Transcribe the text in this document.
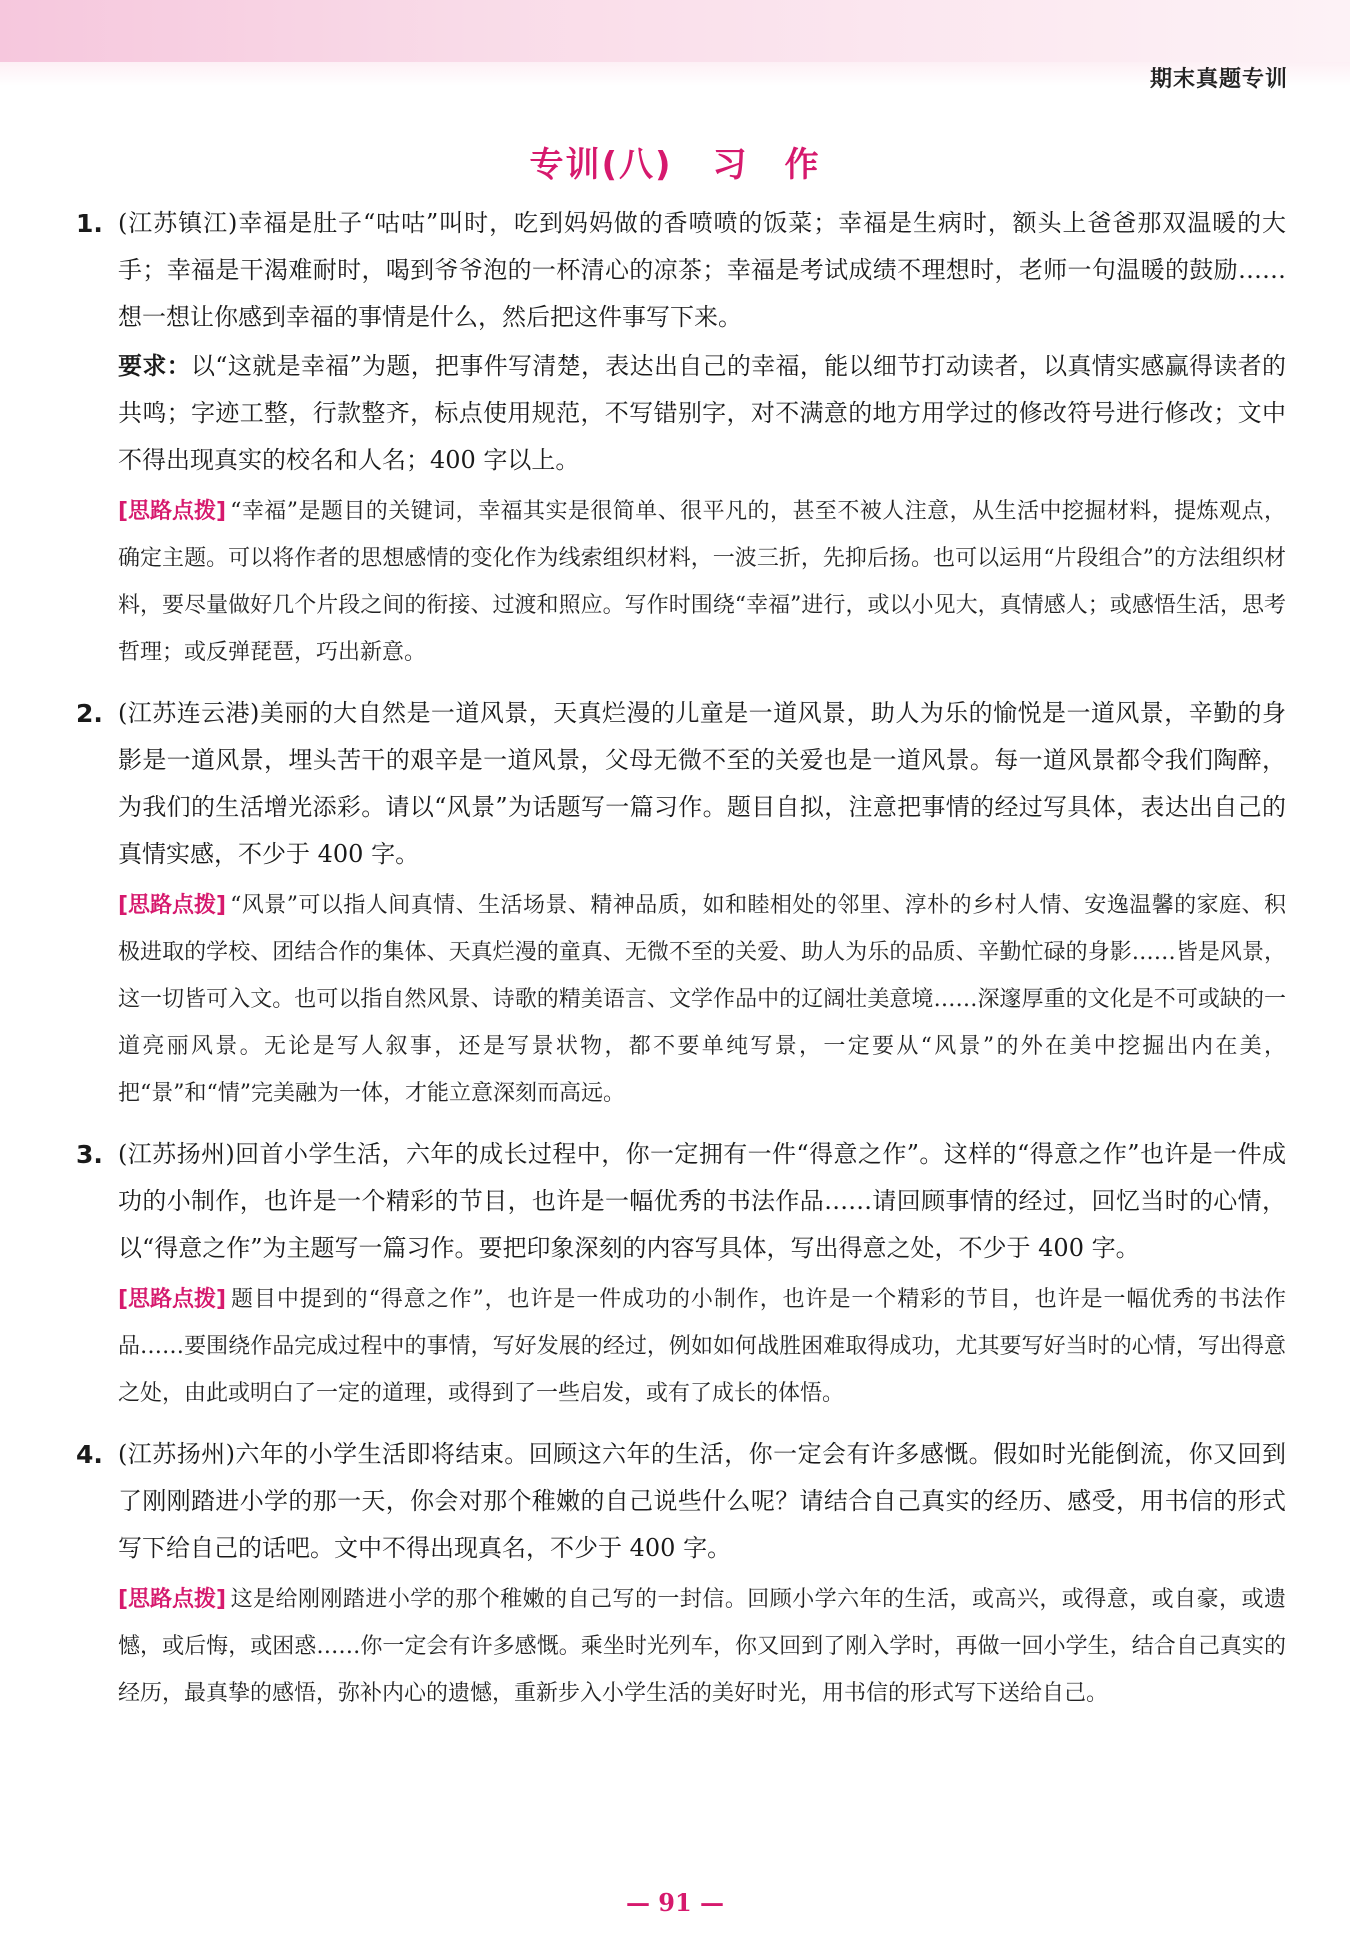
期末真题专训
专训(八) 习　作
1. (江苏镇江)幸福是肚子“咕咕”叫时，吃到妈妈做的香喷喷的饭菜；幸福是生病时，额头上爸爸那双温暖的大手；幸福是干渴难耐时，喝到爷爷泡的一杯清心的凉茶；幸福是考试成绩不理想时，老师一句温暖的鼓励……想一想让你感到幸福的事情是什么，然后把这件事写下来。
要求：以“这就是幸福”为题，把事件写清楚，表达出自己的幸福，能以细节打动读者，以真情实感赢得读者的共鸣；字迹工整，行款整齐，标点使用规范，不写错别字，对不满意的地方用学过的修改符号进行修改；文中不得出现真实的校名和人名；400 字以上。
[思路点拨] “幸福”是题目的关键词，幸福其实是很简单、很平凡的，甚至不被人注意，从生活中挖掘材料，提炼观点，确定主题。可以将作者的思想感情的变化作为线索组织材料，一波三折，先抑后扬。也可以运用“片段组合”的方法组织材料，要尽量做好几个片段之间的衔接、过渡和照应。写作时围绕“幸福”进行，或以小见大，真情感人；或感悟生活，思考哲理；或反弹琵琶，巧出新意。
2. (江苏连云港)美丽的大自然是一道风景，天真烂漫的儿童是一道风景，助人为乐的愉悦是一道风景，辛勤的身影是一道风景，埋头苦干的艰辛是一道风景，父母无微不至的关爱也是一道风景。每一道风景都令我们陶醉，为我们的生活增光添彩。请以“风景”为话题写一篇习作。题目自拟，注意把事情的经过写具体，表达出自己的真情实感，不少于 400 字。
[思路点拨] “风景”可以指人间真情、生活场景、精神品质，如和睦相处的邻里、淳朴的乡村人情、安逸温馨的家庭、积极进取的学校、团结合作的集体、天真烂漫的童真、无微不至的关爱、助人为乐的品质、辛勤忙碌的身影……皆是风景，这一切皆可入文。也可以指自然风景、诗歌的精美语言、文学作品中的辽阔壮美意境……深邃厚重的文化是不可或缺的一道亮丽风景。无论是写人叙事，还是写景状物，都不要单纯写景，一定要从“风景”的外在美中挖掘出内在美，把“景”和“情”完美融为一体，才能立意深刻而高远。
3. (江苏扬州)回首小学生活，六年的成长过程中，你一定拥有一件“得意之作”。这样的“得意之作”也许是一件成功的小制作，也许是一个精彩的节目，也许是一幅优秀的书法作品……请回顾事情的经过，回忆当时的心情，以“得意之作”为主题写一篇习作。要把印象深刻的内容写具体，写出得意之处，不少于 400 字。
[思路点拨] 题目中提到的“得意之作”，也许是一件成功的小制作，也许是一个精彩的节目，也许是一幅优秀的书法作品……要围绕作品完成过程中的事情，写好发展的经过，例如如何战胜困难取得成功，尤其要写好当时的心情，写出得意之处，由此或明白了一定的道理，或得到了一些启发，或有了成长的体悟。
4. (江苏扬州)六年的小学生活即将结束。回顾这六年的生活，你一定会有许多感慨。假如时光能倒流，你又回到了刚刚踏进小学的那一天，你会对那个稚嫩的自己说些什么呢？请结合自己真实的经历、感受，用书信的形式写下给自己的话吧。文中不得出现真名，不少于 400 字。
[思路点拨] 这是给刚刚踏进小学的那个稚嫩的自己写的一封信。回顾小学六年的生活，或高兴，或得意，或自豪，或遗憾，或后悔，或困惑……你一定会有许多感慨。乘坐时光列车，你又回到了刚入学时，再做一回小学生，结合自己真实的经历，最真挚的感悟，弥补内心的遗憾，重新步入小学生活的美好时光，用书信的形式写下送给自己。
— 91 —
